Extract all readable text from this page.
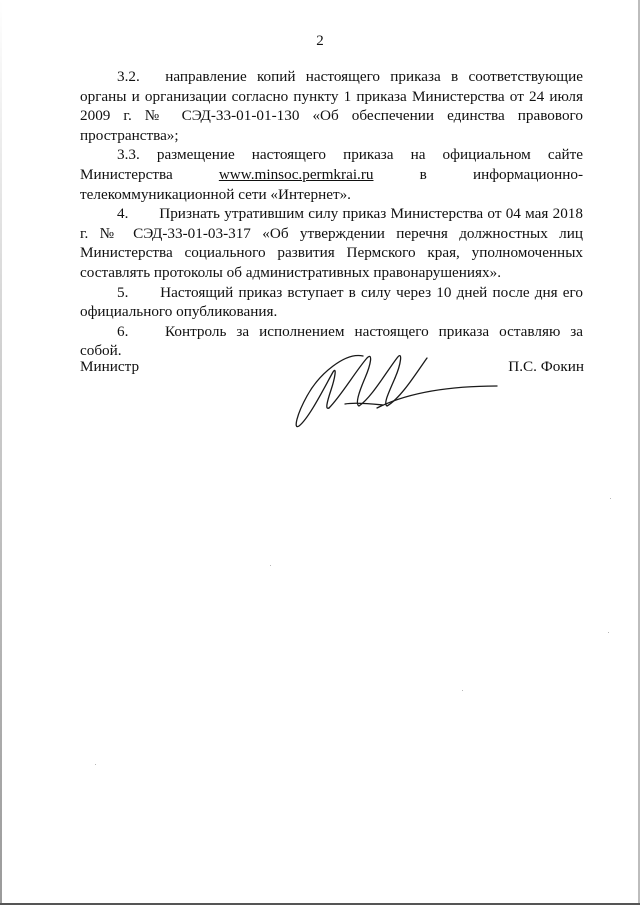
2

3.2. направление копий настоящего приказа в соответствующие органы и организации согласно пункту 1 приказа Министерства от 24 июля 2009 г. № СЭД-33-01-01-130 «Об обеспечении единства правового пространства»;

3.3. размещение настоящего приказа на официальном сайте Министерства	www.minsoc.permkrai.ru	в информационно-телекоммуникационной сети «Интернет».

4. Признать утратившим силу приказ Министерства от 04 мая 2018 г. № СЭД-33-01-03-317 «Об утверждении перечня должностных лиц Министерства социального развития Пермского края, уполномоченных составлять протоколы об административных правонарушениях».

5. Настоящий приказ вступает в силу через 10 дней после дня его официального опубликования.

6. Контроль за исполнением настоящего приказа оставляю за собой.

Министр	П.С. Фокин
